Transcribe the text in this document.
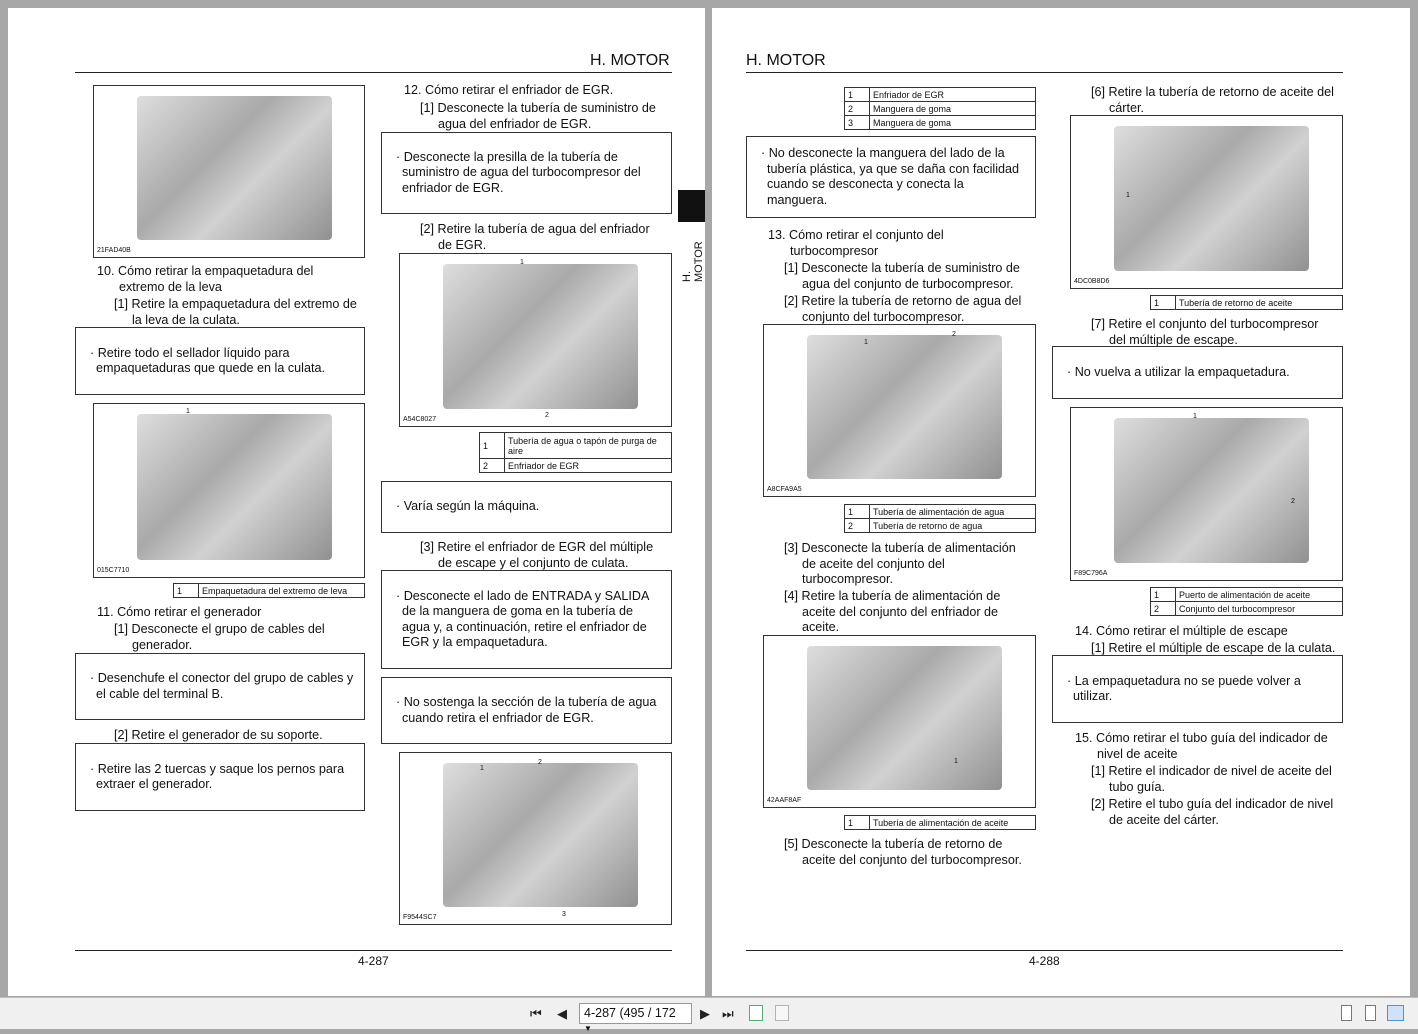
H. MOTOR
H. MOTOR
21FAD40B
10. Cómo retirar la empaquetadura del
extremo de la leva
[1] Retire la empaquetadura del extremo de
la leva de la culata.
· Retire todo el sellador líquido para
empaquetaduras que quede en la culata.
1
015C7710
1	Empaquetadura del extremo de leva
11. Cómo retirar el generador
[1] Desconecte el grupo de cables del
generador.
· Desenchufe el conector del grupo de cables y
el cable del terminal B.
[2] Retire el generador de su soporte.
· Retire las 2 tuercas y saque los pernos para
extraer el generador.
12. Cómo retirar el enfriador de EGR.
[1] Desconecte la tubería de suministro de
agua del enfriador de EGR.
· Desconecte la presilla de la tubería de
suministro de agua del turbocompresor del
enfriador de EGR.
[2] Retire la tubería de agua del enfriador
de EGR.
1
2
A54C8027
1	Tubería de agua o tapón de purga de aire
2	Enfriador de EGR
· Varía según la máquina.
[3] Retire el enfriador de EGR del múltiple
de escape y el conjunto de culata.
· Desconecte el lado de ENTRADA y SALIDA
de la manguera de goma en la tubería de
agua y, a continuación, retire el enfriador de
EGR y la empaquetadura.
· No sostenga la sección de la tubería de agua
cuando retira el enfriador de EGR.
1
2
3
F9544SC7
4-287
H. MOTOR
1	Enfriador de EGR
2	Manguera de goma
3	Manguera de goma
· No desconecte la manguera del lado de la
tubería plástica, ya que se daña con facilidad
cuando se desconecta y conecta la manguera.
13. Cómo retirar el conjunto del
turbocompresor
[1] Desconecte la tubería de suministro de
agua del conjunto de turbocompresor.
[2] Retire la tubería de retorno de agua del
conjunto del turbocompresor.
1
2
A8CFA9A5
1	Tubería de alimentación de agua
2	Tubería de retorno de agua
[3] Desconecte la tubería de alimentación
de aceite del conjunto del
turbocompresor.
[4] Retire la tubería de alimentación de
aceite del conjunto del enfriador de
aceite.
1
42AAF8AF
1	Tubería de alimentación de aceite
[5] Desconecte la tubería de retorno de
aceite del conjunto del turbocompresor.
[6] Retire la tubería de retorno de aceite del
cárter.
1
4DC0B8D6
1	Tubería de retorno de aceite
[7] Retire el conjunto del turbocompresor
del múltiple de escape.
· No vuelva a utilizar la empaquetadura.
1
2
F89C796A
1	Puerto de alimentación de aceite
2	Conjunto del turbocompresor
14. Cómo retirar el múltiple de escape
[1] Retire el múltiple de escape de la culata.
· La empaquetadura no se puede volver a
utilizar.
15. Cómo retirar el tubo guía del indicador de
nivel de aceite
[1] Retire el indicador de nivel de aceite del
tubo guía.
[2] Retire el tubo guía del indicador de nivel
de aceite del cárter.
4-288
⏮ ◀	4-287 (495 / 172 ▼
▶ ⏭
